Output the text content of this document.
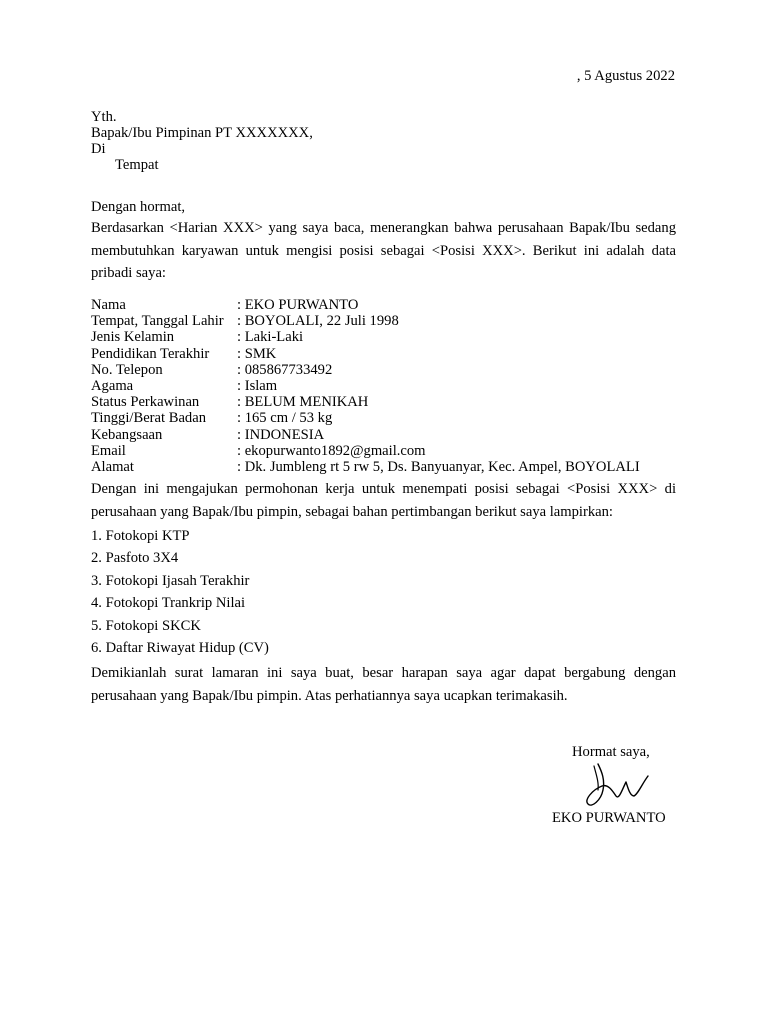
, 5 Agustus 2022
Yth.
Bapak/Ibu Pimpinan PT XXXXXXX,
Di
Tempat
Dengan hormat,
Berdasarkan <Harian XXX> yang saya baca, menerangkan bahwa perusahaan Bapak/Ibu sedang membutuhkan karyawan untuk mengisi posisi sebagai <Posisi XXX>. Berikut ini adalah data pribadi saya:
Nama	: EKO PURWANTO
Tempat, Tanggal Lahir	: BOYOLALI, 22 Juli 1998
Jenis Kelamin	: Laki-Laki
Pendidikan Terakhir	: SMK
No. Telepon	: 085867733492
Agama	: Islam
Status Perkawinan	: BELUM MENIKAH
Tinggi/Berat Badan	: 165 cm / 53 kg
Kebangsaan	: INDONESIA
Email	: ekopurwanto1892@gmail.com
Alamat	: Dk. Jumbleng rt 5 rw 5, Ds. Banyuanyar, Kec. Ampel, BOYOLALI
Dengan ini mengajukan permohonan kerja untuk menempati posisi sebagai <Posisi XXX> di perusahaan yang Bapak/Ibu pimpin, sebagai bahan pertimbangan berikut saya lampirkan:
1. Fotokopi KTP
2. Pasfoto 3X4
3. Fotokopi Ijasah Terakhir
4. Fotokopi Trankrip Nilai
5. Fotokopi SKCK
6. Daftar Riwayat Hidup (CV)
Demikianlah surat lamaran ini saya buat, besar harapan saya agar dapat bergabung dengan perusahaan yang Bapak/Ibu pimpin. Atas perhatiannya saya ucapkan terimakasih.
Hormat saya,
EKO PURWANTO
